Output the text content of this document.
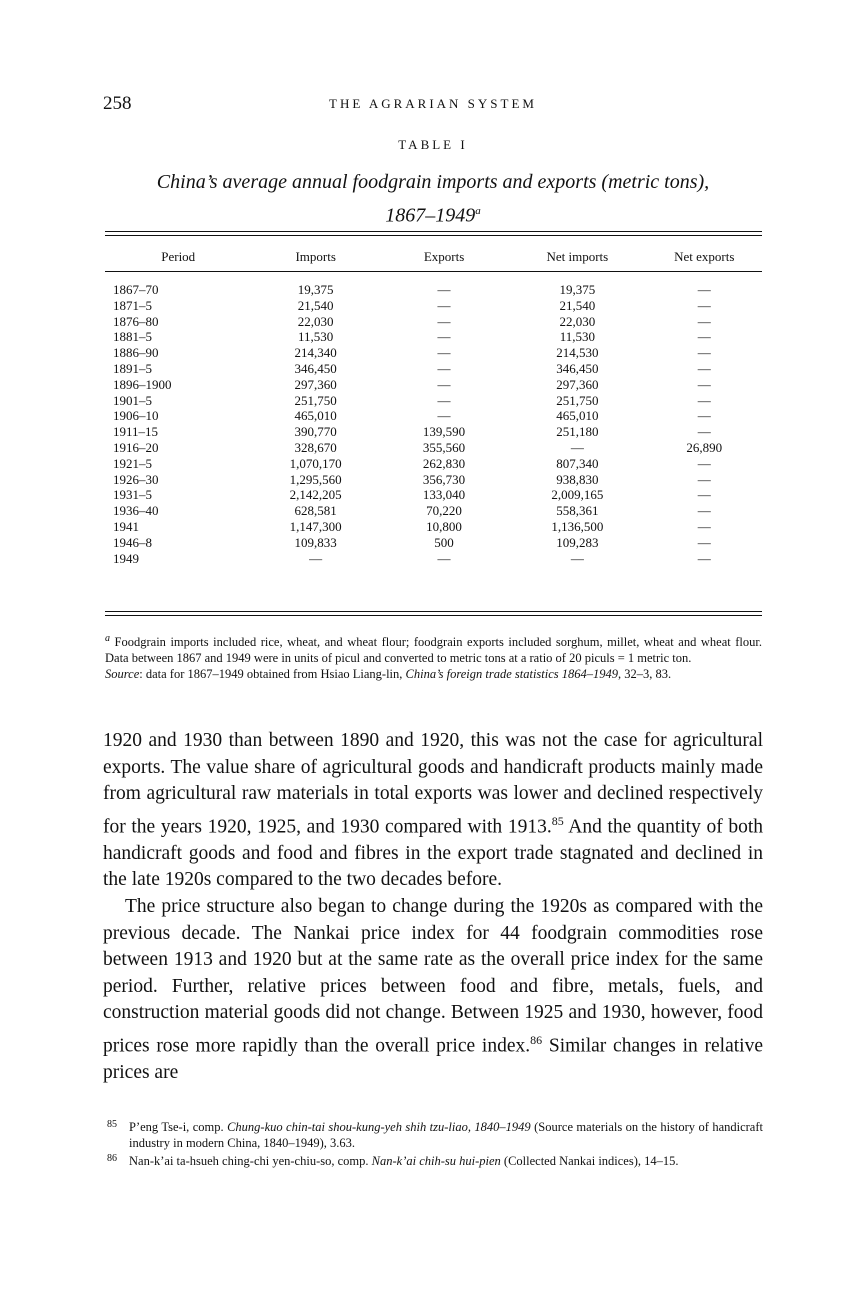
258	THE AGRARIAN SYSTEM
TABLE I
China’s average annual foodgrain imports and exports (metric tons),
1867–1949$^a$
Period	Imports	Exports	Net imports	Net exports
1867–70	19,375	—	19,375	—
1871–5	21,540	—	21,540	—
1876–80	22,030	—	22,030	—
1881–5	11,530	—	11,530	—
1886–90	214,340	—	214,530	—
1891–5	346,450	—	346,450	—
1896–1900	297,360	—	297,360	—
1901–5	251,750	—	251,750	—
1906–10	465,010	—	465,010	—
1911–15	390,770	139,590	251,180	—
1916–20	328,670	355,560	—	26,890
1921–5	1,070,170	262,830	807,340	—
1926–30	1,295,560	356,730	938,830	—
1931–5	2,142,205	133,040	2,009,165	—
1936–40	628,581	70,220	558,361	—
1941	1,147,300	10,800	1,136,500	—
1946–8	109,833	500	109,283	—
1949	—	—	—	—

$^a$ Foodgrain imports included rice, wheat, and wheat flour; foodgrain exports included sorghum, millet, wheat and wheat flour. Data between 1867 and 1949 were in units of picul and converted to metric tons at a ratio of 20 piculs = 1 metric ton.

Source: data for 1867–1949 obtained from Hsiao Liang-lin, China’s foreign trade statistics 1864–1949, 32–3, 83.

1920 and 1930 than between 1890 and 1920, this was not the case for agricultural exports. The value share of agricultural goods and handicraft products mainly made from agricultural raw materials in total exports was lower and declined respectively for the years 1920, 1925, and 1930 compared with 1913.85 And the quantity of both handicraft goods and food and fibres in the export trade stagnated and declined in the late 1920s compared to the two decades before.

The price structure also began to change during the 1920s as compared with the previous decade. The Nankai price index for 44 foodgrain commodities rose between 1913 and 1920 but at the same rate as the overall price index for the same period. Further, relative prices between food and fibre, metals, fuels, and construction material goods did not change. Between 1925 and 1930, however, food prices rose more rapidly than the overall price index.$^{86}$ Similar changes in relative prices are

85 P’eng Tse-i, comp. Chung-kuo chin-tai shou-kung-yeh shih tzu-liao, 1840–1949 (Source materials on the history of handicraft industry in modern China, 1840–1949), 3.63.

86 Nan-k’ai ta-hsueh ching-chi yen-chiu-so, comp. Nan-k’ai chih-su hui-pien (Collected Nankai indices), 14–15.
